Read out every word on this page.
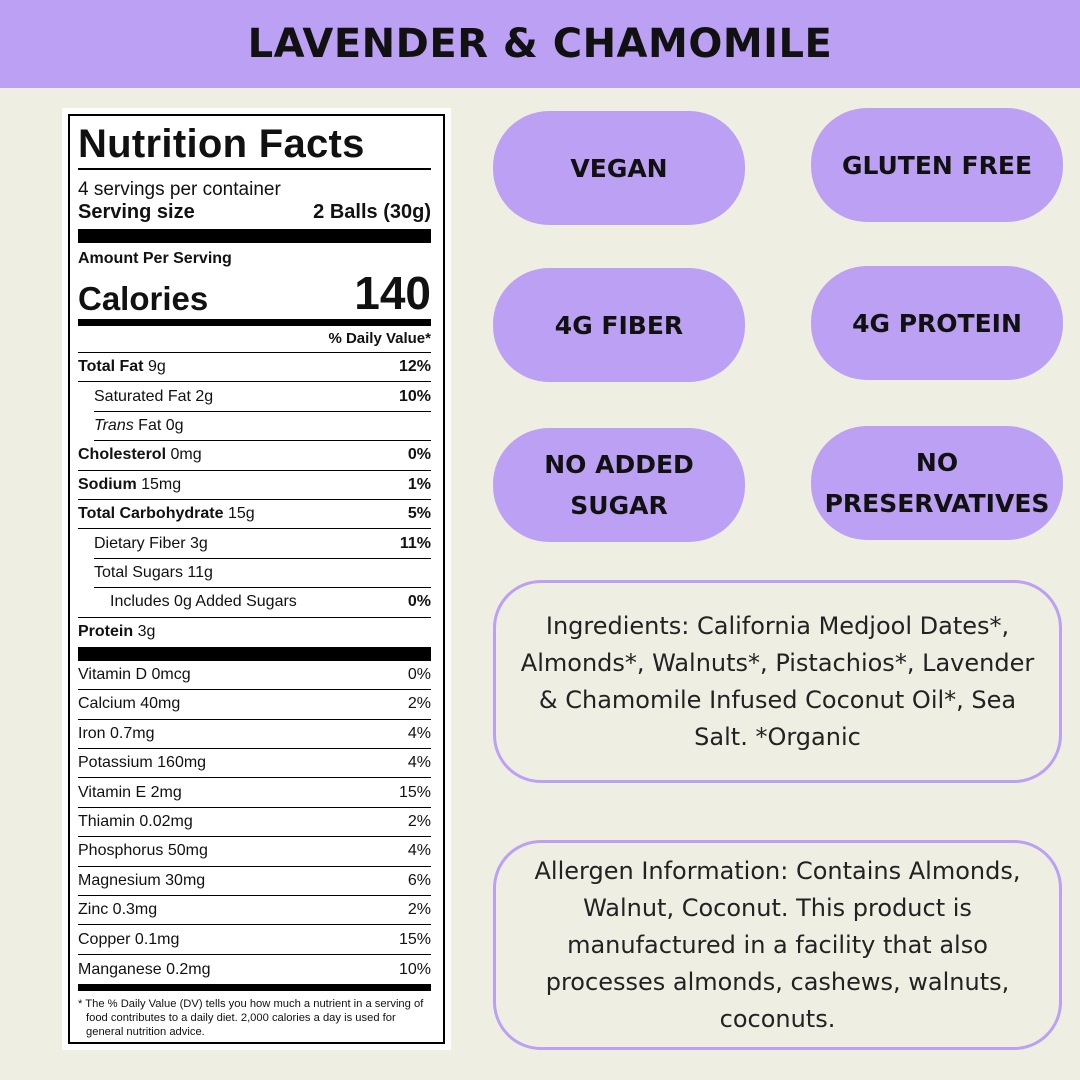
LAVENDER & CHAMOMILE
Nutrition Facts
4 servings per container
Serving size	2 Balls (30g)
Amount Per Serving
Calories	140
% Daily Value*
Total Fat 9g	12%
Saturated Fat 2g	10%
Trans Fat 0g
Cholesterol 0mg	0%
Sodium 15mg	1%
Total Carbohydrate 15g	5%
Dietary Fiber 3g	11%
Total Sugars 11g
Includes 0g Added Sugars	0%
Protein 3g
Vitamin D 0mcg	0%
Calcium 40mg	2%
Iron 0.7mg	4%
Potassium 160mg	4%
Vitamin E 2mg	15%
Thiamin 0.02mg	2%
Phosphorus 50mg	4%
Magnesium 30mg	6%
Zinc 0.3mg	2%
Copper 0.1mg	15%
Manganese 0.2mg	10%
* The % Daily Value (DV) tells you how much a nutrient in a serving of food contributes to a daily diet. 2,000 calories a day is used for general nutrition advice.
VEGAN	GLUTEN FREE
4G FIBER	4G PROTEIN
NO ADDED
SUGAR
NO
PRESERVATIVES
Ingredients: California Medjool Dates*, Almonds*, Walnuts*, Pistachios*, Lavender & Chamomile Infused Coconut Oil*, Sea Salt. *Organic
Allergen Information: Contains Almonds, Walnut, Coconut. This product is manufactured in a facility that also processes almonds, cashews, walnuts, coconuts.
